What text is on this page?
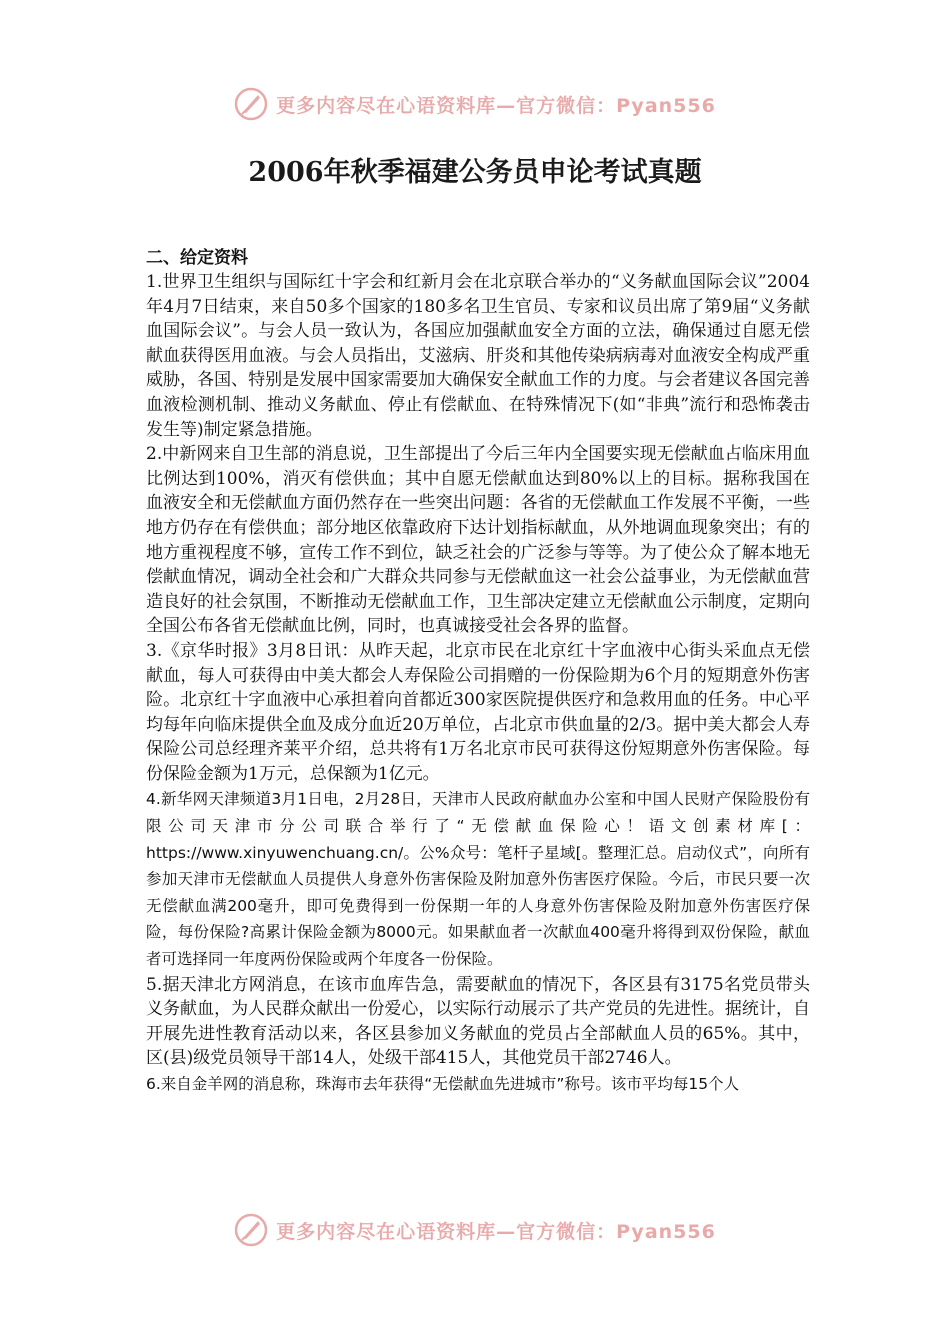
更多内容尽在心语资料库—官方微信：Pyan556
2006年秋季福建公务员申论考试真题

二、给定资料

1.世界卫生组织与国际红十字会和红新月会在北京联合举办的“义务献血国际会议”2004年4月7日结束，来自50多个国家的180多名卫生官员、专家和议员出席了第9届“义务献血国际会议”。与会人员一致认为，各国应加强献血安全方面的立法，确保通过自愿无偿献血获得医用血液。与会人员指出，艾滋病、肝炎和其他传染病病毒对血液安全构成严重威胁，各国、特别是发展中国家需要加大确保安全献血工作的力度。与会者建议各国完善血液检测机制、推动义务献血、停止有偿献血、在特殊情况下(如“非典”流行和恐怖袭击发生等)制定紧急措施。

2.中新网来自卫生部的消息说，卫生部提出了今后三年内全国要实现无偿献血占临床用血比例达到100%，消灭有偿供血；其中自愿无偿献血达到80%以上的目标。据称我国在血液安全和无偿献血方面仍然存在一些突出问题：各省的无偿献血工作发展不平衡，一些地方仍存在有偿供血；部分地区依靠政府下达计划指标献血，从外地调血现象突出；有的地方重视程度不够，宣传工作不到位，缺乏社会的广泛参与等等。为了使公众了解本地无偿献血情况，调动全社会和广大群众共同参与无偿献血这一社会公益事业，为无偿献血营造良好的社会氛围，不断推动无偿献血工作，卫生部决定建立无偿献血公示制度，定期向全国公布各省无偿献血比例，同时，也真诚接受社会各界的监督。

3.《京华时报》3月8日讯：从昨天起，北京市民在北京红十字血液中心街头采血点无偿献血，每人可获得由中美大都会人寿保险公司捐赠的一份保险期为6个月的短期意外伤害险。北京红十字血液中心承担着向首都近300家医院提供医疗和急救用血的任务。中心平均每年向临床提供全血及成分血近20万单位，占北京市供血量的2/3。据中美大都会人寿保险公司总经理齐莱平介绍，总共将有1万名北京市民可获得这份短期意外伤害保险。每份保险金额为1万元，总保额为1亿元。

4.新华网天津频道3月1日电，2月28日，天津市人民政府献血办公室和中国人民财产保险股份有限公司天津市分公司联合举行了“无偿献血保险心！语文创素材库[：https://www.xinyuwenchuang.cn/。公%众号：笔杆子星域[。整理汇总。启动仪式”，向所有参加天津市无偿献血人员提供人身意外伤害保险及附加意外伤害医疗保险。今后，市民只要一次无偿献血满200毫升，即可免费得到一份保期一年的人身意外伤害保险及附加意外伤害医疗保险，每份保险?高累计保险金额为8000元。如果献血者一次献血400毫升将得到双份保险，献血者可选择同一年度两份保险或两个年度各一份保险。

5.据天津北方网消息，在该市血库告急，需要献血的情况下，各区县有3175名党员带头义务献血，为人民群众献出一份爱心，以实际行动展示了共产党员的先进性。据统计，自开展先进性教育活动以来，各区县参加义务献血的党员占全部献血人员的65%。其中，区(县)级党员领导干部14人，处级干部415人，其他党员干部2746人。

6.来自金羊网的消息称，珠海市去年获得“无偿献血先进城市”称号。该市平均每15个人

更多内容尽在心语资料库—官方微信：Pyan556
